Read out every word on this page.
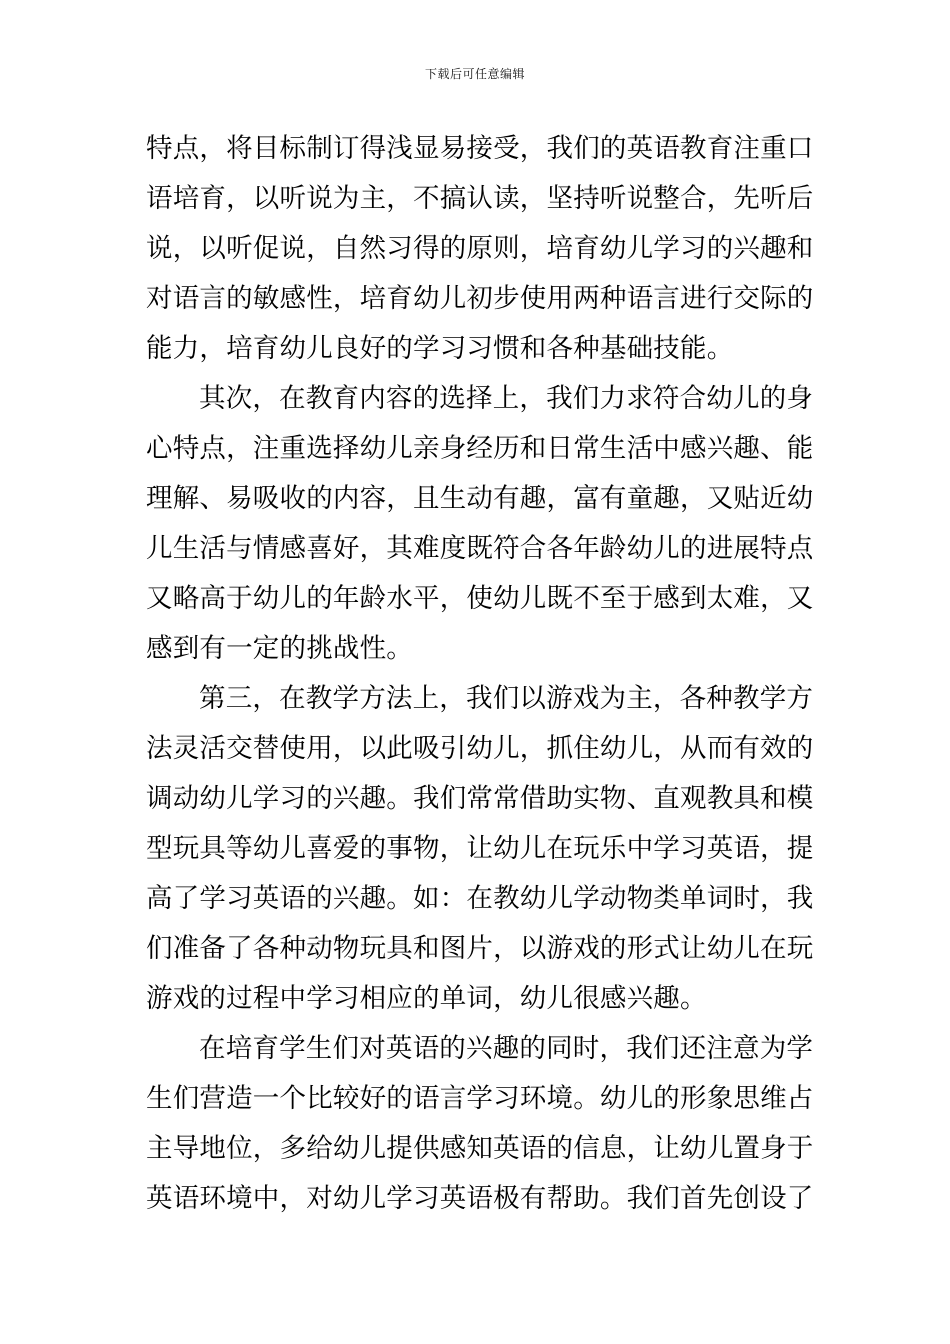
下载后可任意编辑
特点，将目标制订得浅显易接受，我们的英语教育注重口
语培育，以听说为主，不搞认读，坚持听说整合，先听后
说，以听促说，自然习得的原则，培育幼儿学习的兴趣和
对语言的敏感性，培育幼儿初步使用两种语言进行交际的
能力，培育幼儿良好的学习习惯和各种基础技能。
其次，在教育内容的选择上，我们力求符合幼儿的身
心特点，注重选择幼儿亲身经历和日常生活中感兴趣、能
理解、易吸收的内容，且生动有趣，富有童趣，又贴近幼
儿生活与情感喜好，其难度既符合各年龄幼儿的进展特点
又略高于幼儿的年龄水平，使幼儿既不至于感到太难，又
感到有一定的挑战性。
第三，在教学方法上，我们以游戏为主，各种教学方
法灵活交替使用，以此吸引幼儿，抓住幼儿，从而有效的
调动幼儿学习的兴趣。我们常常借助实物、直观教具和模
型玩具等幼儿喜爱的事物，让幼儿在玩乐中学习英语，提
高了学习英语的兴趣。如：在教幼儿学动物类单词时，我
们准备了各种动物玩具和图片，以游戏的形式让幼儿在玩
游戏的过程中学习相应的单词，幼儿很感兴趣。
在培育学生们对英语的兴趣的同时，我们还注意为学
生们营造一个比较好的语言学习环境。幼儿的形象思维占
主导地位，多给幼儿提供感知英语的信息，让幼儿置身于
英语环境中，对幼儿学习英语极有帮助。我们首先创设了
